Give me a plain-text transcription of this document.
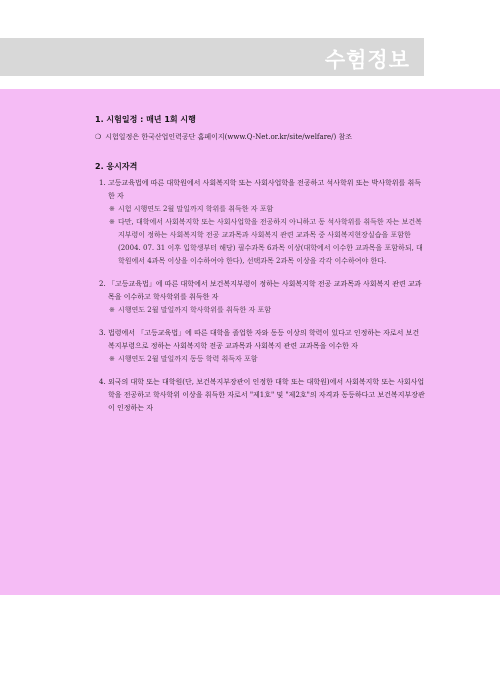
수험정보
1. 시험일정 : 매년 1회 시행

❍ 시험일정은 한국산업인력공단 홈페이지(www.Q-Net.or.kr/site/welfare/) 참조

2. 응시자격
1. 고등교육법에 따른 대학원에서 사회복지학 또는 사회사업학을 전공하고 석사학위 또는 박사학위를 취득한 자
※ 시험 시행연도 2월 말일까지 학위를 취득한 자 포함
※ 다만, 대학에서 사회복지학 또는 사회사업학을 전공하지 아니하고 동 석사학위를 취득한 자는 보건복지부령이 정하는 사회복지학 전공 교과목과 사회복지 관련 교과목 중 사회복지현장실습을 포함한(2004. 07. 31 이후 입학생부터 해당) 필수과목 6과목 이상(대학에서 이수한 교과목을 포함하되, 대학원에서 4과목 이상을 이수하여야 한다), 선택과목 2과목 이상을 각각 이수하여야 한다.
2. 「고등교육법」에 따른 대학에서 보건복지부령이 정하는 사회복지학 전공 교과목과 사회복지 관련 교과목을 이수하고 학사학위를 취득한 자
※ 시행연도 2월 말일까지 학사학위를 취득한 자 포함
3. 법령에서 「고등교육법」에 따른 대학을 졸업한 자와 동등 이상의 학력이 있다고 인정하는 자로서 보건복지부령으로 정하는 사회복지학 전공 교과목과 사회복지 관련 교과목을 이수한 자
※ 시행연도 2월 말일까지 동등 학력 취득자 포함
4. 외국의 대학 또는 대학원(단, 보건복지부장관이 인정한 대학 또는 대학원)에서 사회복지학 또는 사회사업학을 전공하고 학사학위 이상을 취득한 자로서 "제1호" 및 "제2호"의 자격과 동등하다고 보건복지부장관이 인정하는 자
